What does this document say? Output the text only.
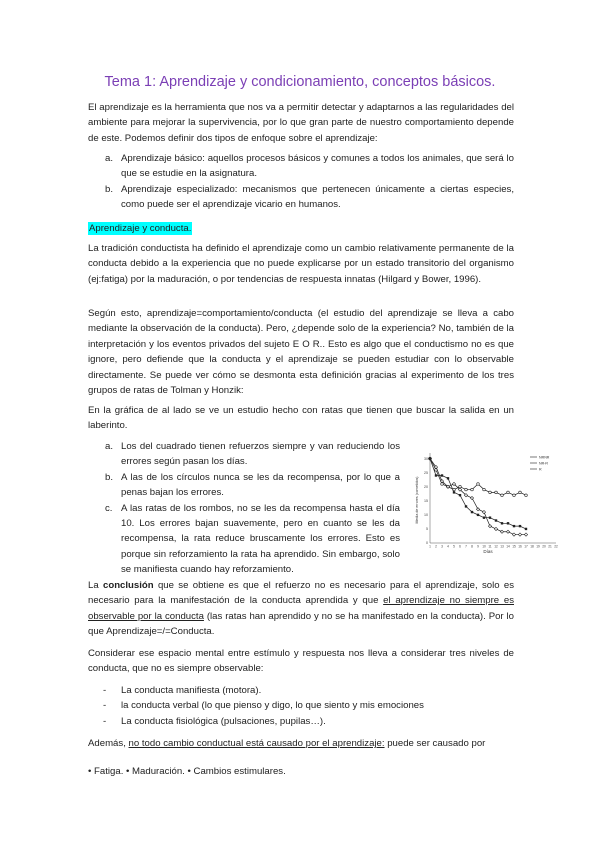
Tema 1: Aprendizaje y condicionamiento, conceptos básicos.

El aprendizaje es la herramienta que nos va a permitir detectar y adaptarnos a las regularidades del ambiente para mejorar la supervivencia, por lo que gran parte de nuestro comportamiento depende de este. Podemos definir dos tipos de enfoque sobre el aprendizaje:

a. Aprendizaje básico: aquellos procesos básicos y comunes a todos los animales, que será lo que se estudie en la asignatura.
b. Aprendizaje especializado: mecanismos que pertenecen únicamente a ciertas especies, como puede ser el aprendizaje vicario en humanos.
Aprendizaje y conducta.

La tradición conductista ha definido el aprendizaje como un cambio relativamente permanente de la conducta debido a la experiencia que no puede explicarse por un estado transitorio del organismo (ej:fatiga) por la maduración, o por tendencias de respuesta innatas (Hilgard y Bower, 1996).

Según esto, aprendizaje=comportamiento/conducta (el estudio del aprendizaje se lleva a cabo mediante la observación de la conducta). Pero, ¿depende solo de la experiencia? No, también de la interpretación y los eventos privados del sujeto E O R.. Esto es algo que el conductismo no es que ignore, pero defiende que la conducta y el aprendizaje se pueden estudiar con lo observable directamente. Se puede ver cómo se desmonta esta definición gracias al experimento de los tres grupos de ratas de Tolman y Honzik:

En la gráfica de al lado se ve un estudio hecho con ratas que tienen que buscar la salida en un laberinto.

a. Los del cuadrado tienen refuerzos siempre y van reduciendo los errores según pasan los días.
b. A las de los círculos nunca se les da recompensa, por lo que a penas bajan los errores.
c. A las ratas de los rombos, no se les da recompensa hasta el día 10. Los errores bajan suavemente, pero en cuanto se les da recompensa, la rata reduce bruscamente los errores. Esto es porque sin reforzamiento la rata ha aprendido. Sin embargo, solo se manifiesta cuando hay reforzamiento.
0
5
10
15
20
25
30
1 2 3 4 5 6 7 8 9 10 11 12 13 14 15 16 17 18 19 20 21 22
NRNR
NR-R
R
Días
Media de errores (cometidos)

La conclusión que se obtiene es que el refuerzo no es necesario para el aprendizaje, solo es necesario para la manifestación de la conducta aprendida y que el aprendizaje no siempre es observable por la conducta (las ratas han aprendido y no se ha manifestado en la conducta). Por lo que Aprendizaje=/=Conducta.

Considerar ese espacio mental entre estímulo y respuesta nos lleva a considerar tres niveles de conducta, que no es siempre observable:

- La conducta manifiesta (motora).
- la conducta verbal (lo que pienso y digo, lo que siento y mis emociones
- La conducta fisiológica (pulsaciones, pupilas…).

Además, no todo cambio conductual está causado por el aprendizaje: puede ser causado por

• Fatiga. • Maduración. • Cambios estimulares.
